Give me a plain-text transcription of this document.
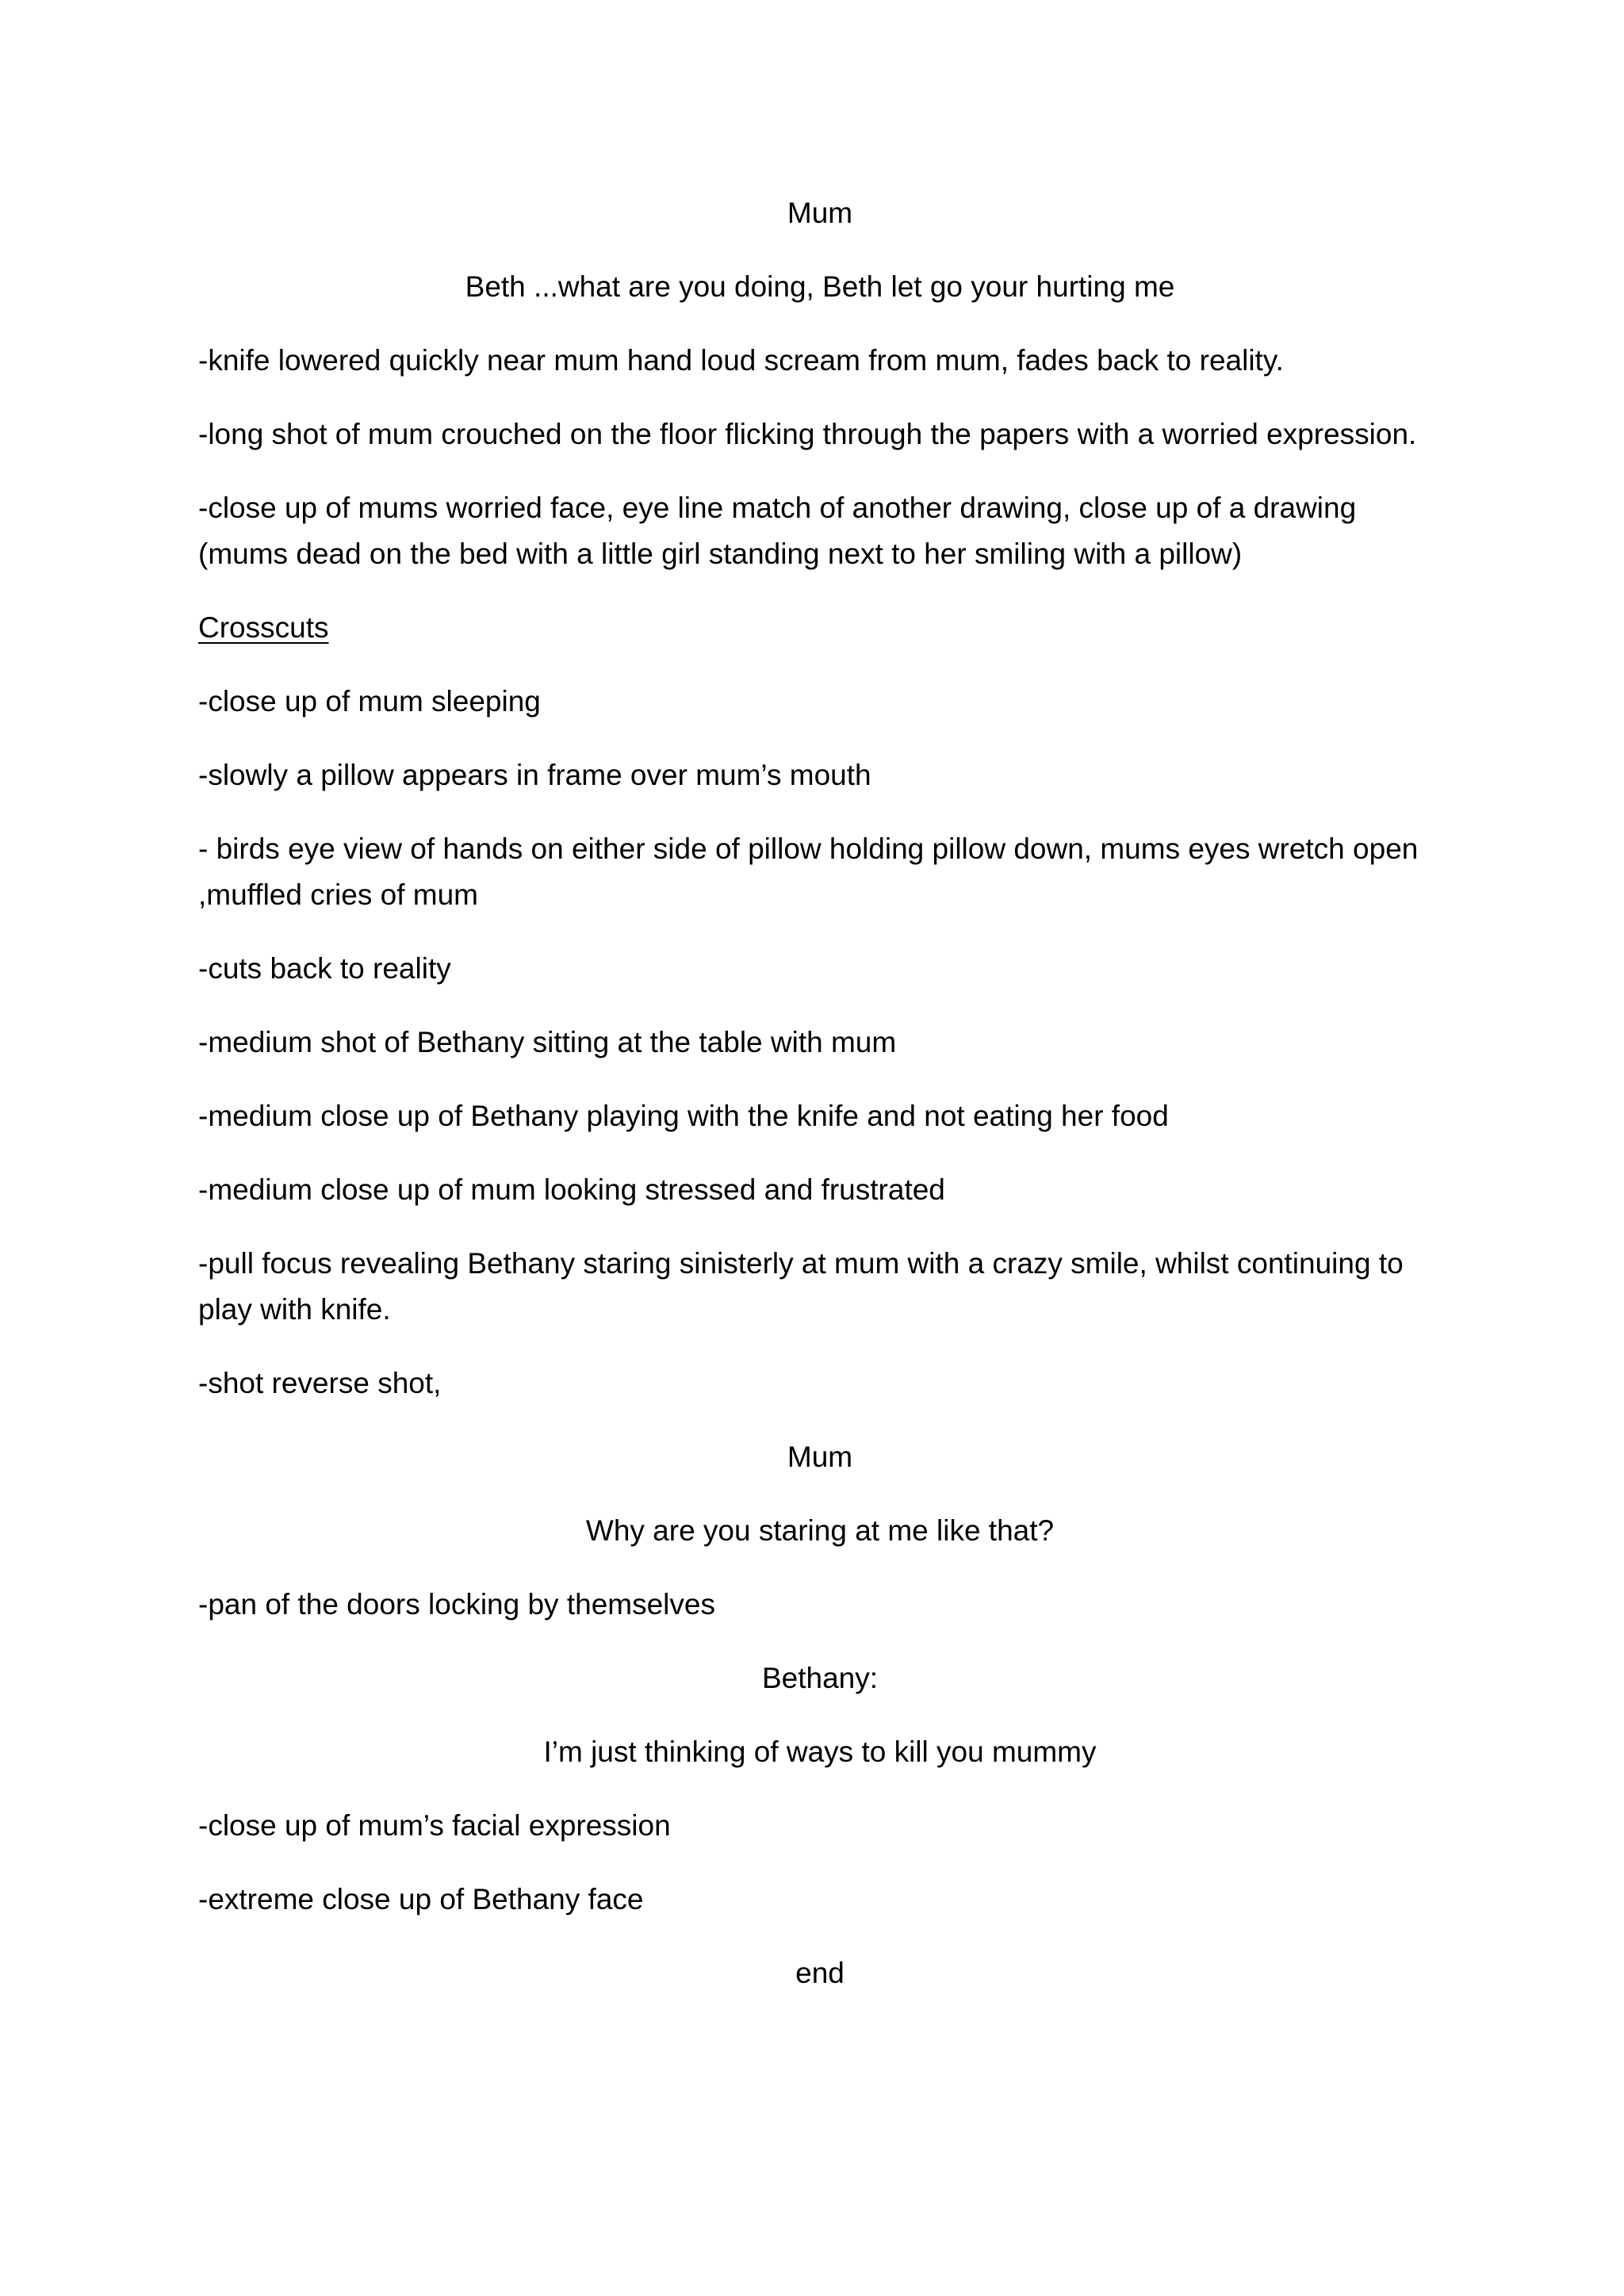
Mum

Beth ...what are you doing, Beth let go your hurting me

-knife lowered quickly near mum hand loud scream from mum, fades back to reality.

-long shot of mum crouched on the floor flicking through the papers with a worried expression.

-close up of mums worried face, eye line match of another drawing, close up of a drawing (mums dead on the bed with a little girl standing next to her smiling with a pillow)

Crosscuts

-close up of mum sleeping

-slowly a pillow appears in frame over mum’s mouth

- birds eye view of hands on either side of pillow holding pillow down, mums eyes wretch open ,muffled cries of mum

-cuts back to reality

-medium shot of Bethany sitting at the table with mum

-medium close up of Bethany playing with the knife and not eating her food

-medium close up of mum looking stressed and frustrated

-pull focus revealing Bethany staring sinisterly at mum with a crazy smile, whilst continuing to play with knife.

-shot reverse shot,

Mum

Why are you staring at me like that?

-pan of the doors locking by themselves

Bethany:

I’m just thinking of ways to kill you mummy

-close up of mum’s facial expression

-extreme close up of Bethany face

end
